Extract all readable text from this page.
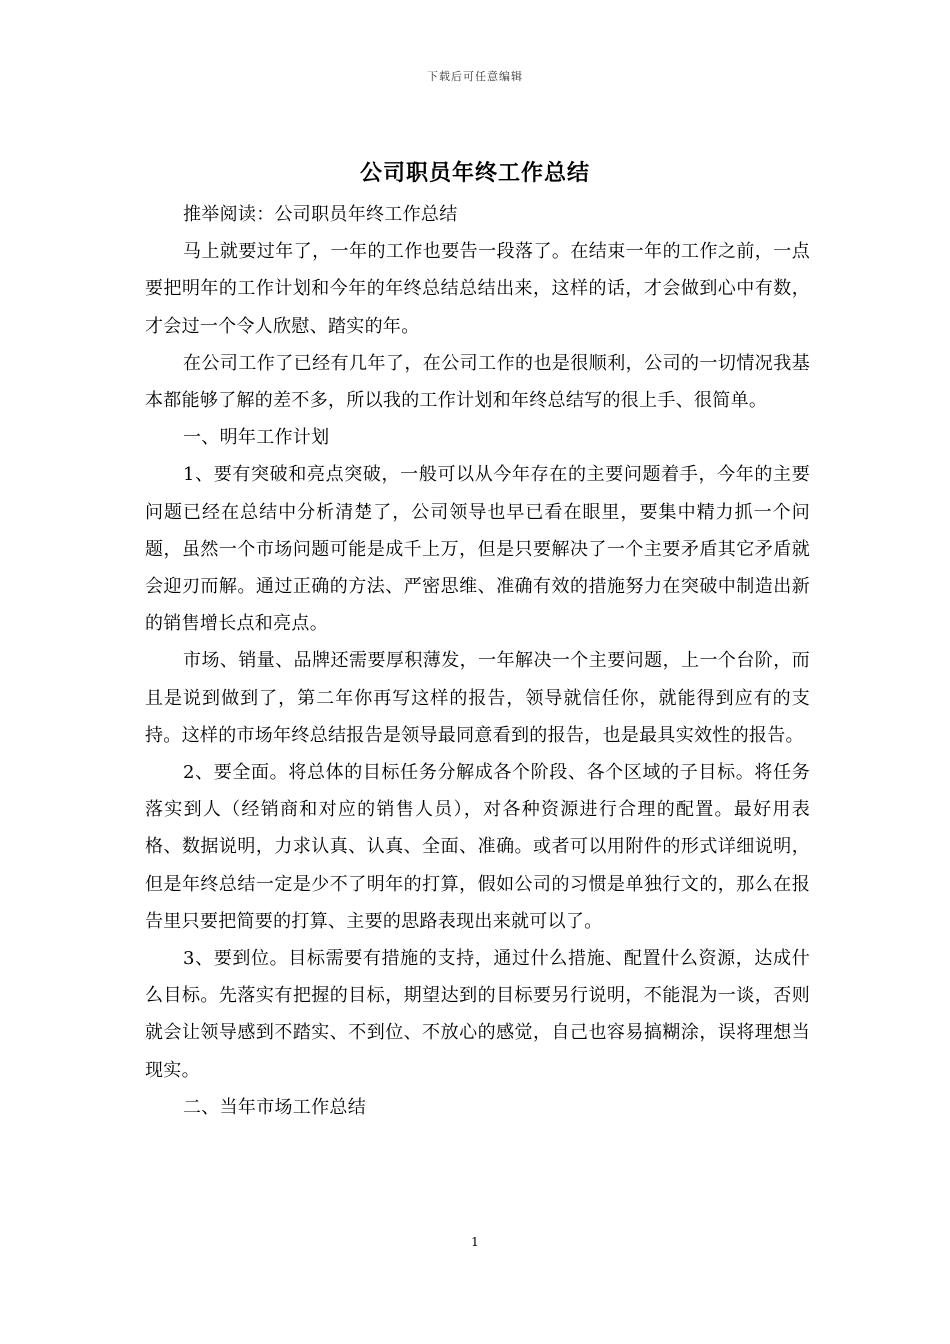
下载后可任意编辑
公司职员年终工作总结

推举阅读：公司职员年终工作总结

马上就要过年了，一年的工作也要告一段落了。在结束一年的工作之前，一点要把明年的工作计划和今年的年终总结总结出来，这样的话，才会做到心中有数，才会过一个令人欣慰、踏实的年。

在公司工作了已经有几年了，在公司工作的也是很顺利，公司的一切情况我基本都能够了解的差不多，所以我的工作计划和年终总结写的很上手、很简单。

一、明年工作计划

1、要有突破和亮点突破，一般可以从今年存在的主要问题着手，今年的主要问题已经在总结中分析清楚了，公司领导也早已看在眼里，要集中精力抓一个问题，虽然一个市场问题可能是成千上万，但是只要解决了一个主要矛盾其它矛盾就会迎刃而解。通过正确的方法、严密思维、准确有效的措施努力在突破中制造出新的销售增长点和亮点。

市场、销量、品牌还需要厚积薄发，一年解决一个主要问题，上一个台阶，而且是说到做到了，第二年你再写这样的报告，领导就信任你，就能得到应有的支持。这样的市场年终总结报告是领导最同意看到的报告，也是最具实效性的报告。

2、要全面。将总体的目标任务分解成各个阶段、各个区域的子目标。将任务落实到人（经销商和对应的销售人员），对各种资源进行合理的配置。最好用表格、数据说明，力求认真、认真、全面、准确。或者可以用附件的形式详细说明，但是年终总结一定是少不了明年的打算，假如公司的习惯是单独行文的，那么在报告里只要把简要的打算、主要的思路表现出来就可以了。

3、要到位。目标需要有措施的支持，通过什么措施、配置什么资源，达成什么目标。先落实有把握的目标，期望达到的目标要另行说明，不能混为一谈，否则就会让领导感到不踏实、不到位、不放心的感觉，自己也容易搞糊涂，误将理想当现实。

二、当年市场工作总结

1
